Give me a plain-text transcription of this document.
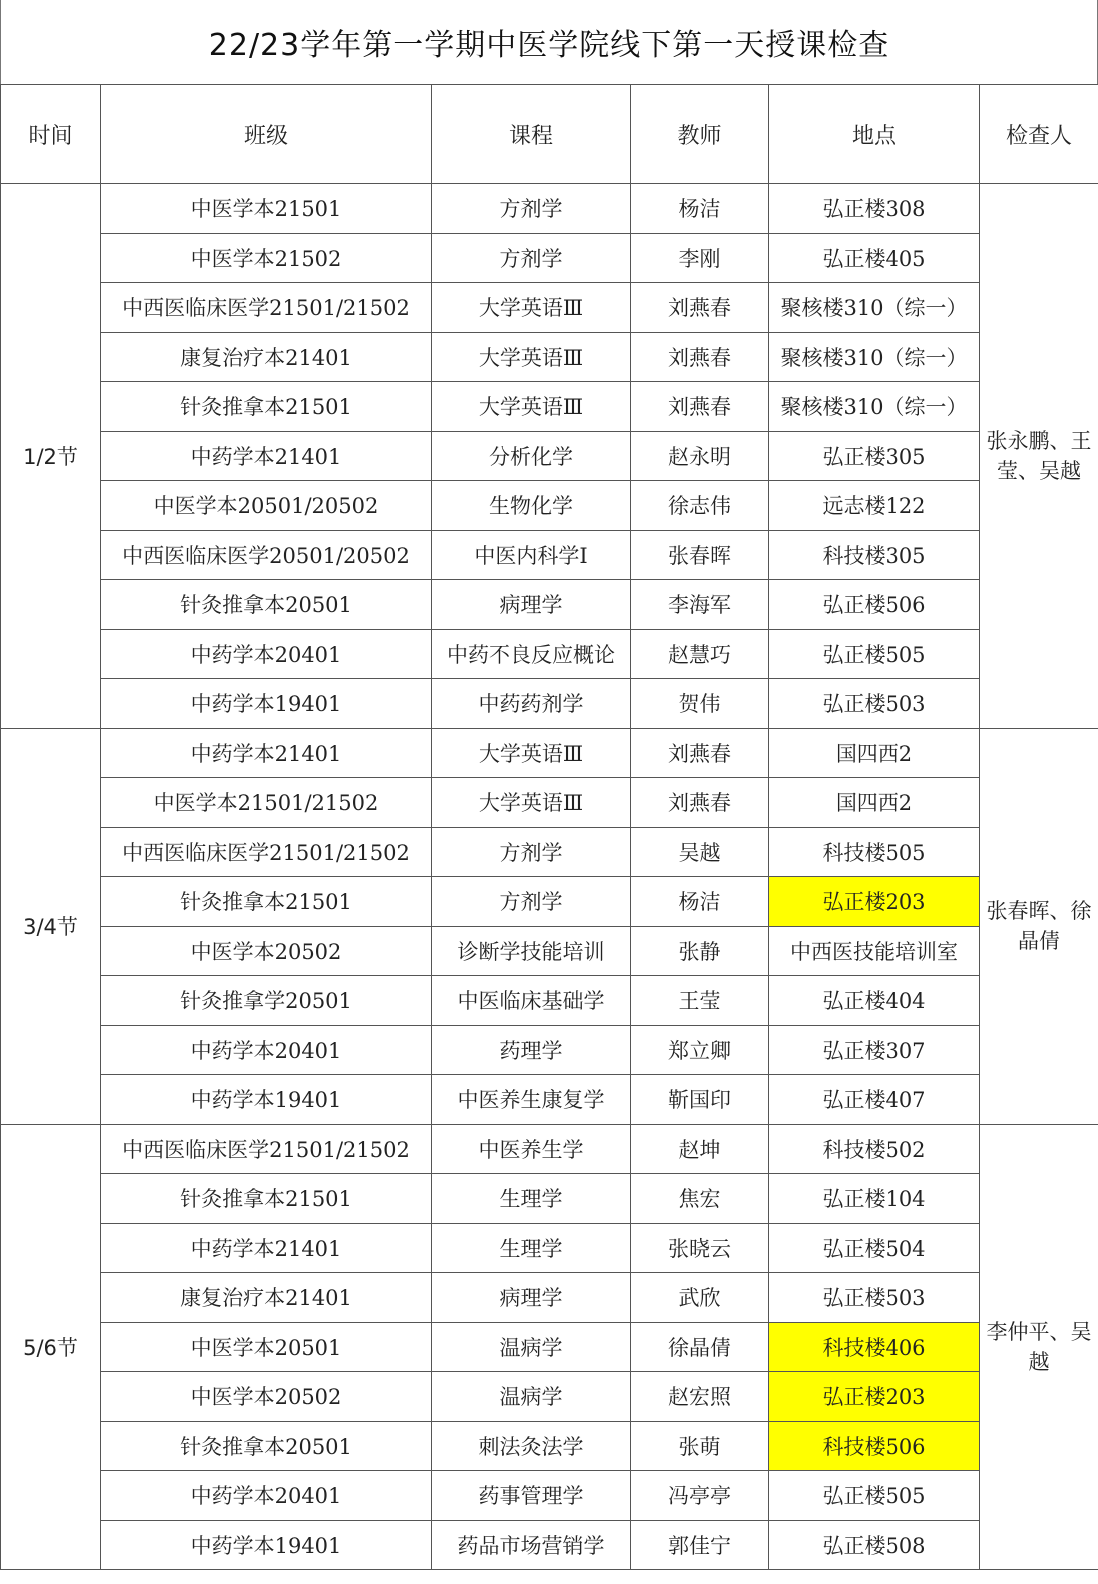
22/23学年第一学期中医学院线下第一天授课检查
时间	班级	课程	教师	地点	检查人
1/2节	中医学本21501	方剂学	杨洁	弘正楼308	张永鹏、王莹、吴越
	中医学本21502	方剂学	李刚	弘正楼405	
	中西医临床医学21501/21502	大学英语Ⅲ	刘燕春	聚核楼310（综一）	
	康复治疗本21401	大学英语Ⅲ	刘燕春	聚核楼310（综一）	
	针灸推拿本21501	大学英语Ⅲ	刘燕春	聚核楼310（综一）	
	中药学本21401	分析化学	赵永明	弘正楼305	
	中医学本20501/20502	生物化学	徐志伟	远志楼122	
	中西医临床医学20501/20502	中医内科学Ⅰ	张春晖	科技楼305	
	针灸推拿本20501	病理学	李海军	弘正楼506	
	中药学本20401	中药不良反应概论	赵慧巧	弘正楼505	
	中药学本19401	中药药剂学	贺伟	弘正楼503	
3/4节	中药学本21401	大学英语Ⅲ	刘燕春	国四西2	张春晖、徐晶倩
	中医学本21501/21502	大学英语Ⅲ	刘燕春	国四西2	
	中西医临床医学21501/21502	方剂学	吴越	科技楼505	
	针灸推拿本21501	方剂学	杨洁	弘正楼203	
	中医学本20502	诊断学技能培训	张静	中西医技能培训室	
	针灸推拿学20501	中医临床基础学	王莹	弘正楼404	
	中药学本20401	药理学	郑立卿	弘正楼307	
	中药学本19401	中医养生康复学	靳国印	弘正楼407	
5/6节	中西医临床医学21501/21502	中医养生学	赵坤	科技楼502	李仲平、吴越
	针灸推拿本21501	生理学	焦宏	弘正楼104	
	中药学本21401	生理学	张晓云	弘正楼504	
	康复治疗本21401	病理学	武欣	弘正楼503	
	中医学本20501	温病学	徐晶倩	科技楼406	
	中医学本20502	温病学	赵宏照	弘正楼203	
	针灸推拿本20501	刺法灸法学	张萌	科技楼506	
	中药学本20401	药事管理学	冯亭亭	弘正楼505	
	中药学本19401	药品市场营销学	郭佳宁	弘正楼508	
